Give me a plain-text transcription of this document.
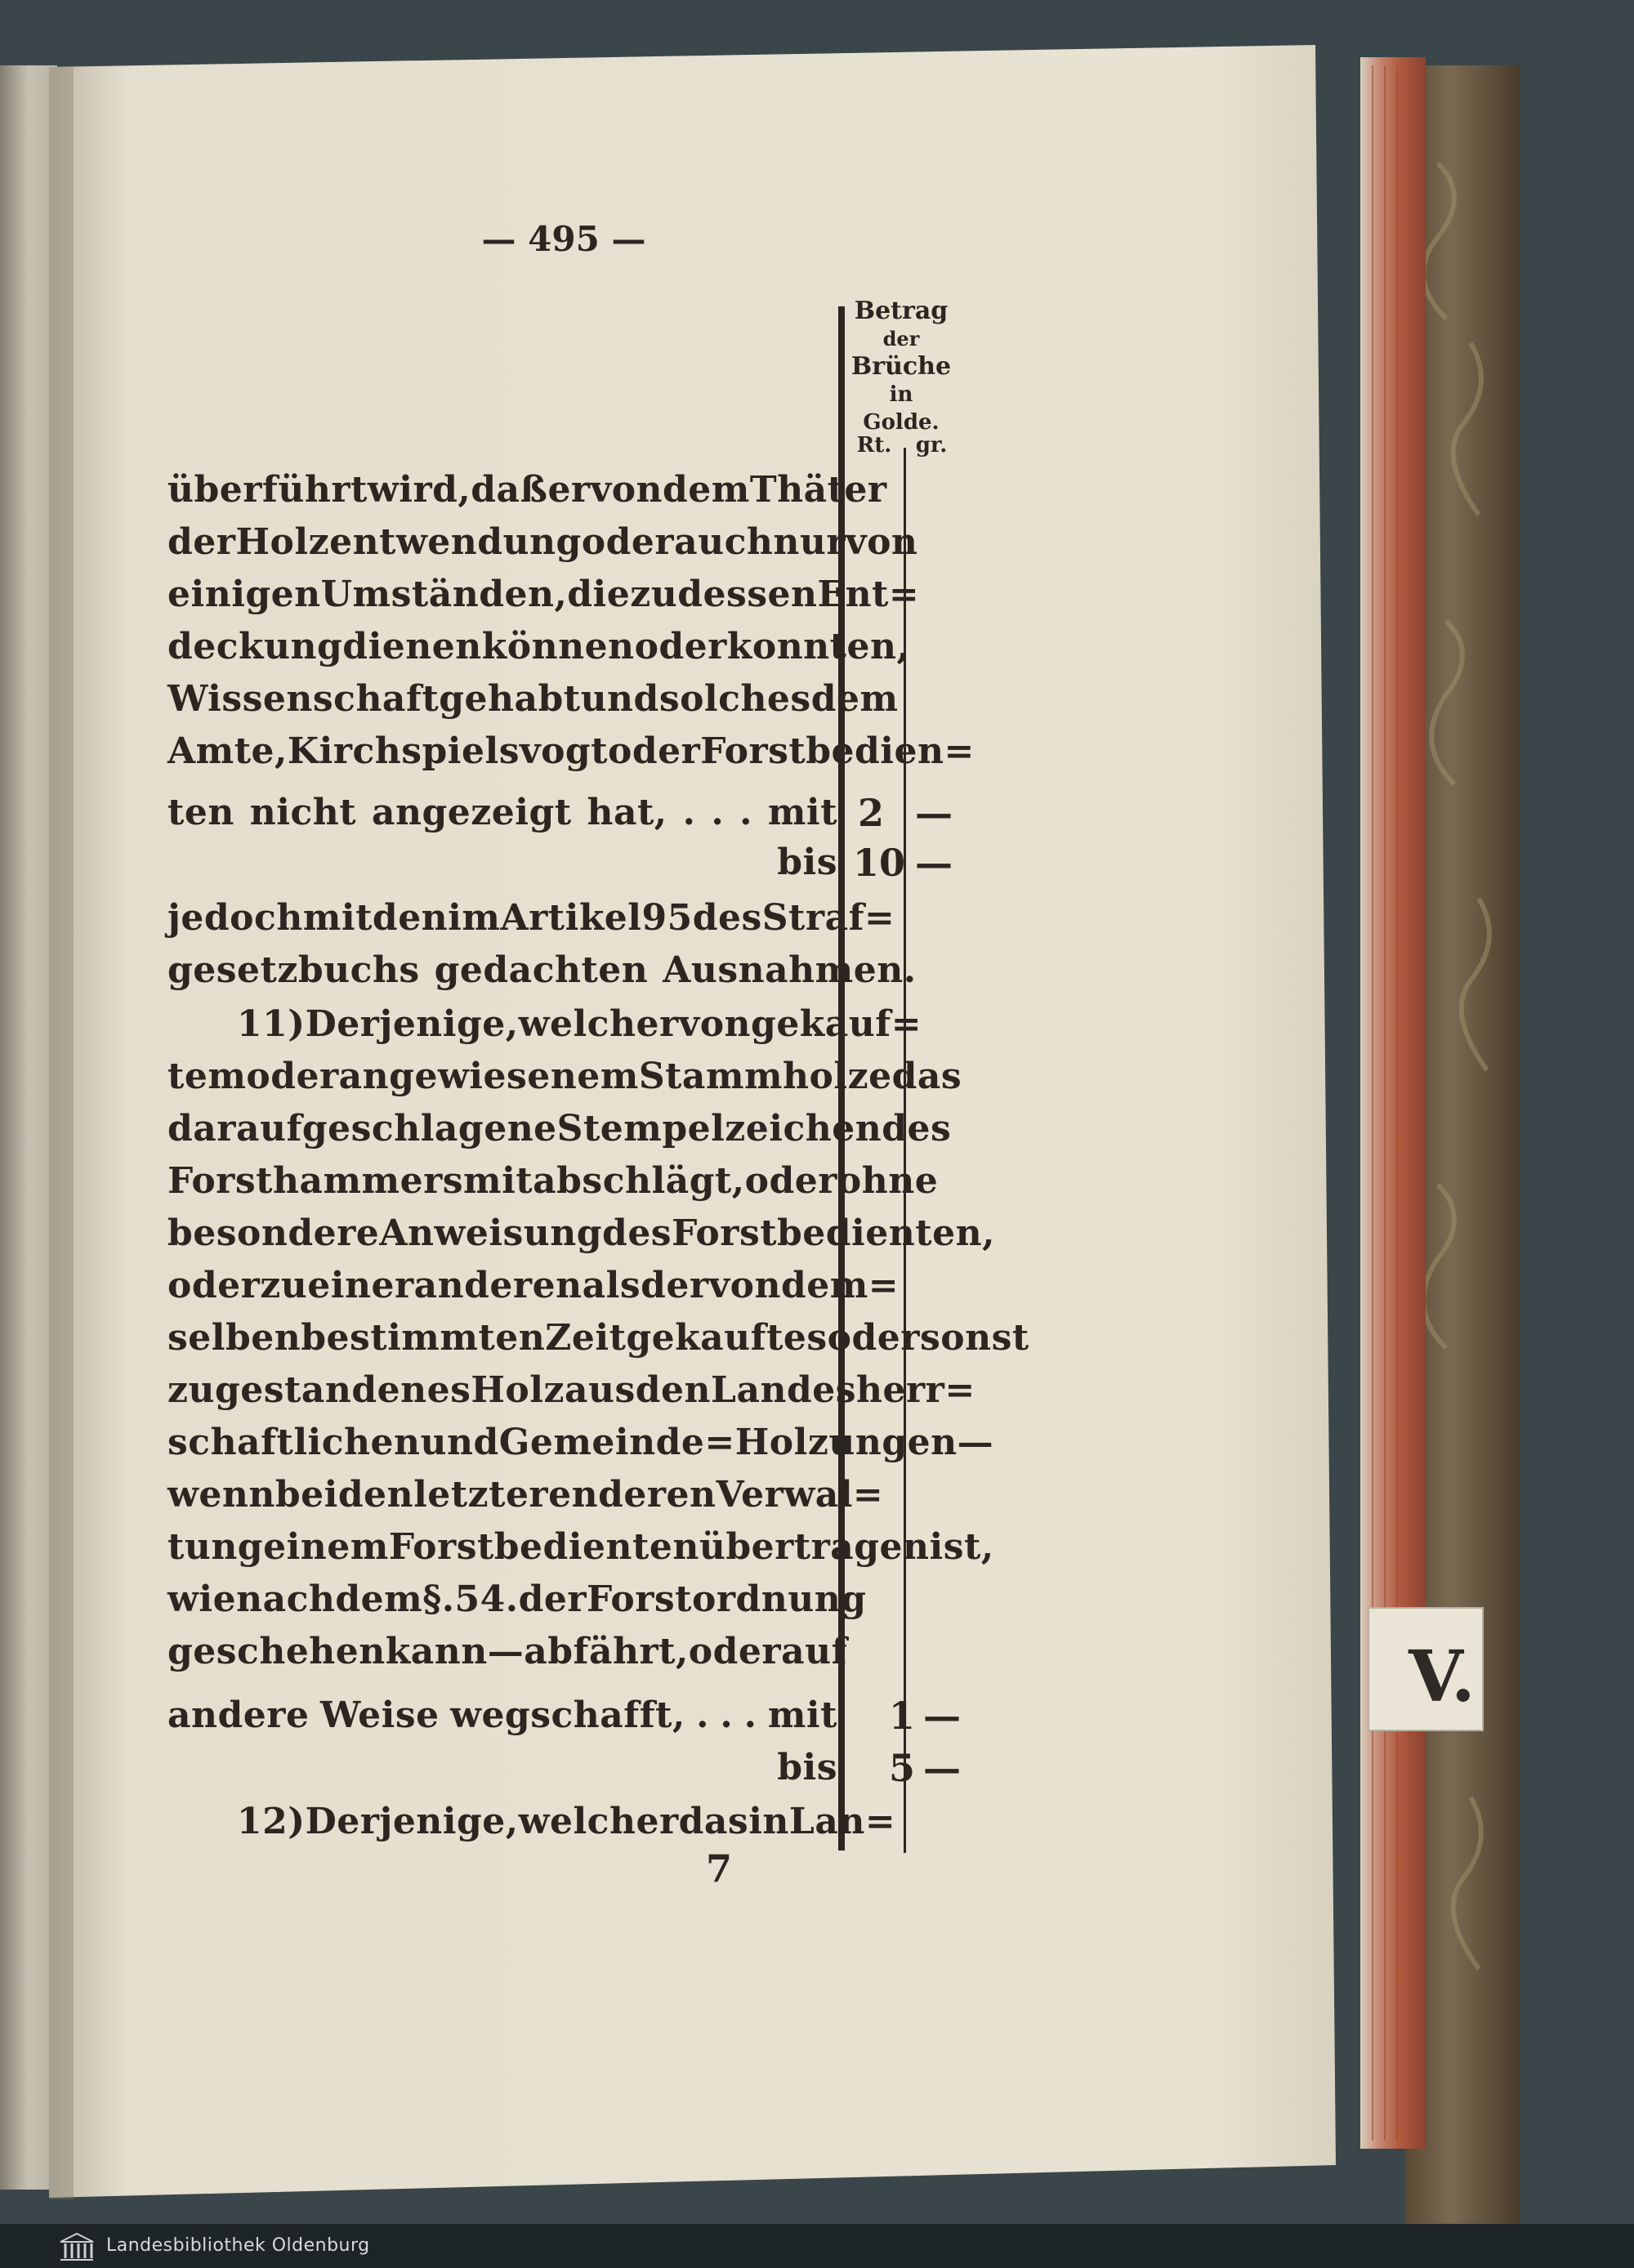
— 495 —
Betrag
der
Brüche
in Golde.
Rt.	gr.
überführt wird, daß er von dem Thäter
der Holzentwendung oder auch nur von
einigen Umständen, die zu dessen Ent=
deckung dienen können oder konnten,
Wissenschaft gehabt und solches dem
Amte, Kirchspielsvogt oder Forstbedien=
ten nicht angezeigt hat, . . . mit
bis
jedoch mit den im Artikel 95 des Straf=
gesetzbuchs gedachten Ausnahmen.
11) Derjenige, welcher von gekauf=
tem oder angewiesenem Stammholze das
darauf geschlagene Stempelzeichen des
Forsthammers mit abschlägt, oder ohne
besondere Anweisung des Forstbedienten,
oder zu einer anderen als der von dem=
selben bestimmten Zeit gekauftes oder sonst
zugestandenes Holz aus den Landesherr=
schaftlichen und Gemeinde=Holzungen —
wenn bei den letzteren deren Verwal=
tung einem Forstbedienten übertragen ist,
wie nach dem §. 54. der Forstordnung
geschehen kann — abfährt, oder auf
andere Weise wegschafft, . . . mit
bis
12) Derjenige, welcher das in Lan=
2 —
10 —
1 —
5 —
7
V.
Landesbibliothek Oldenburg
